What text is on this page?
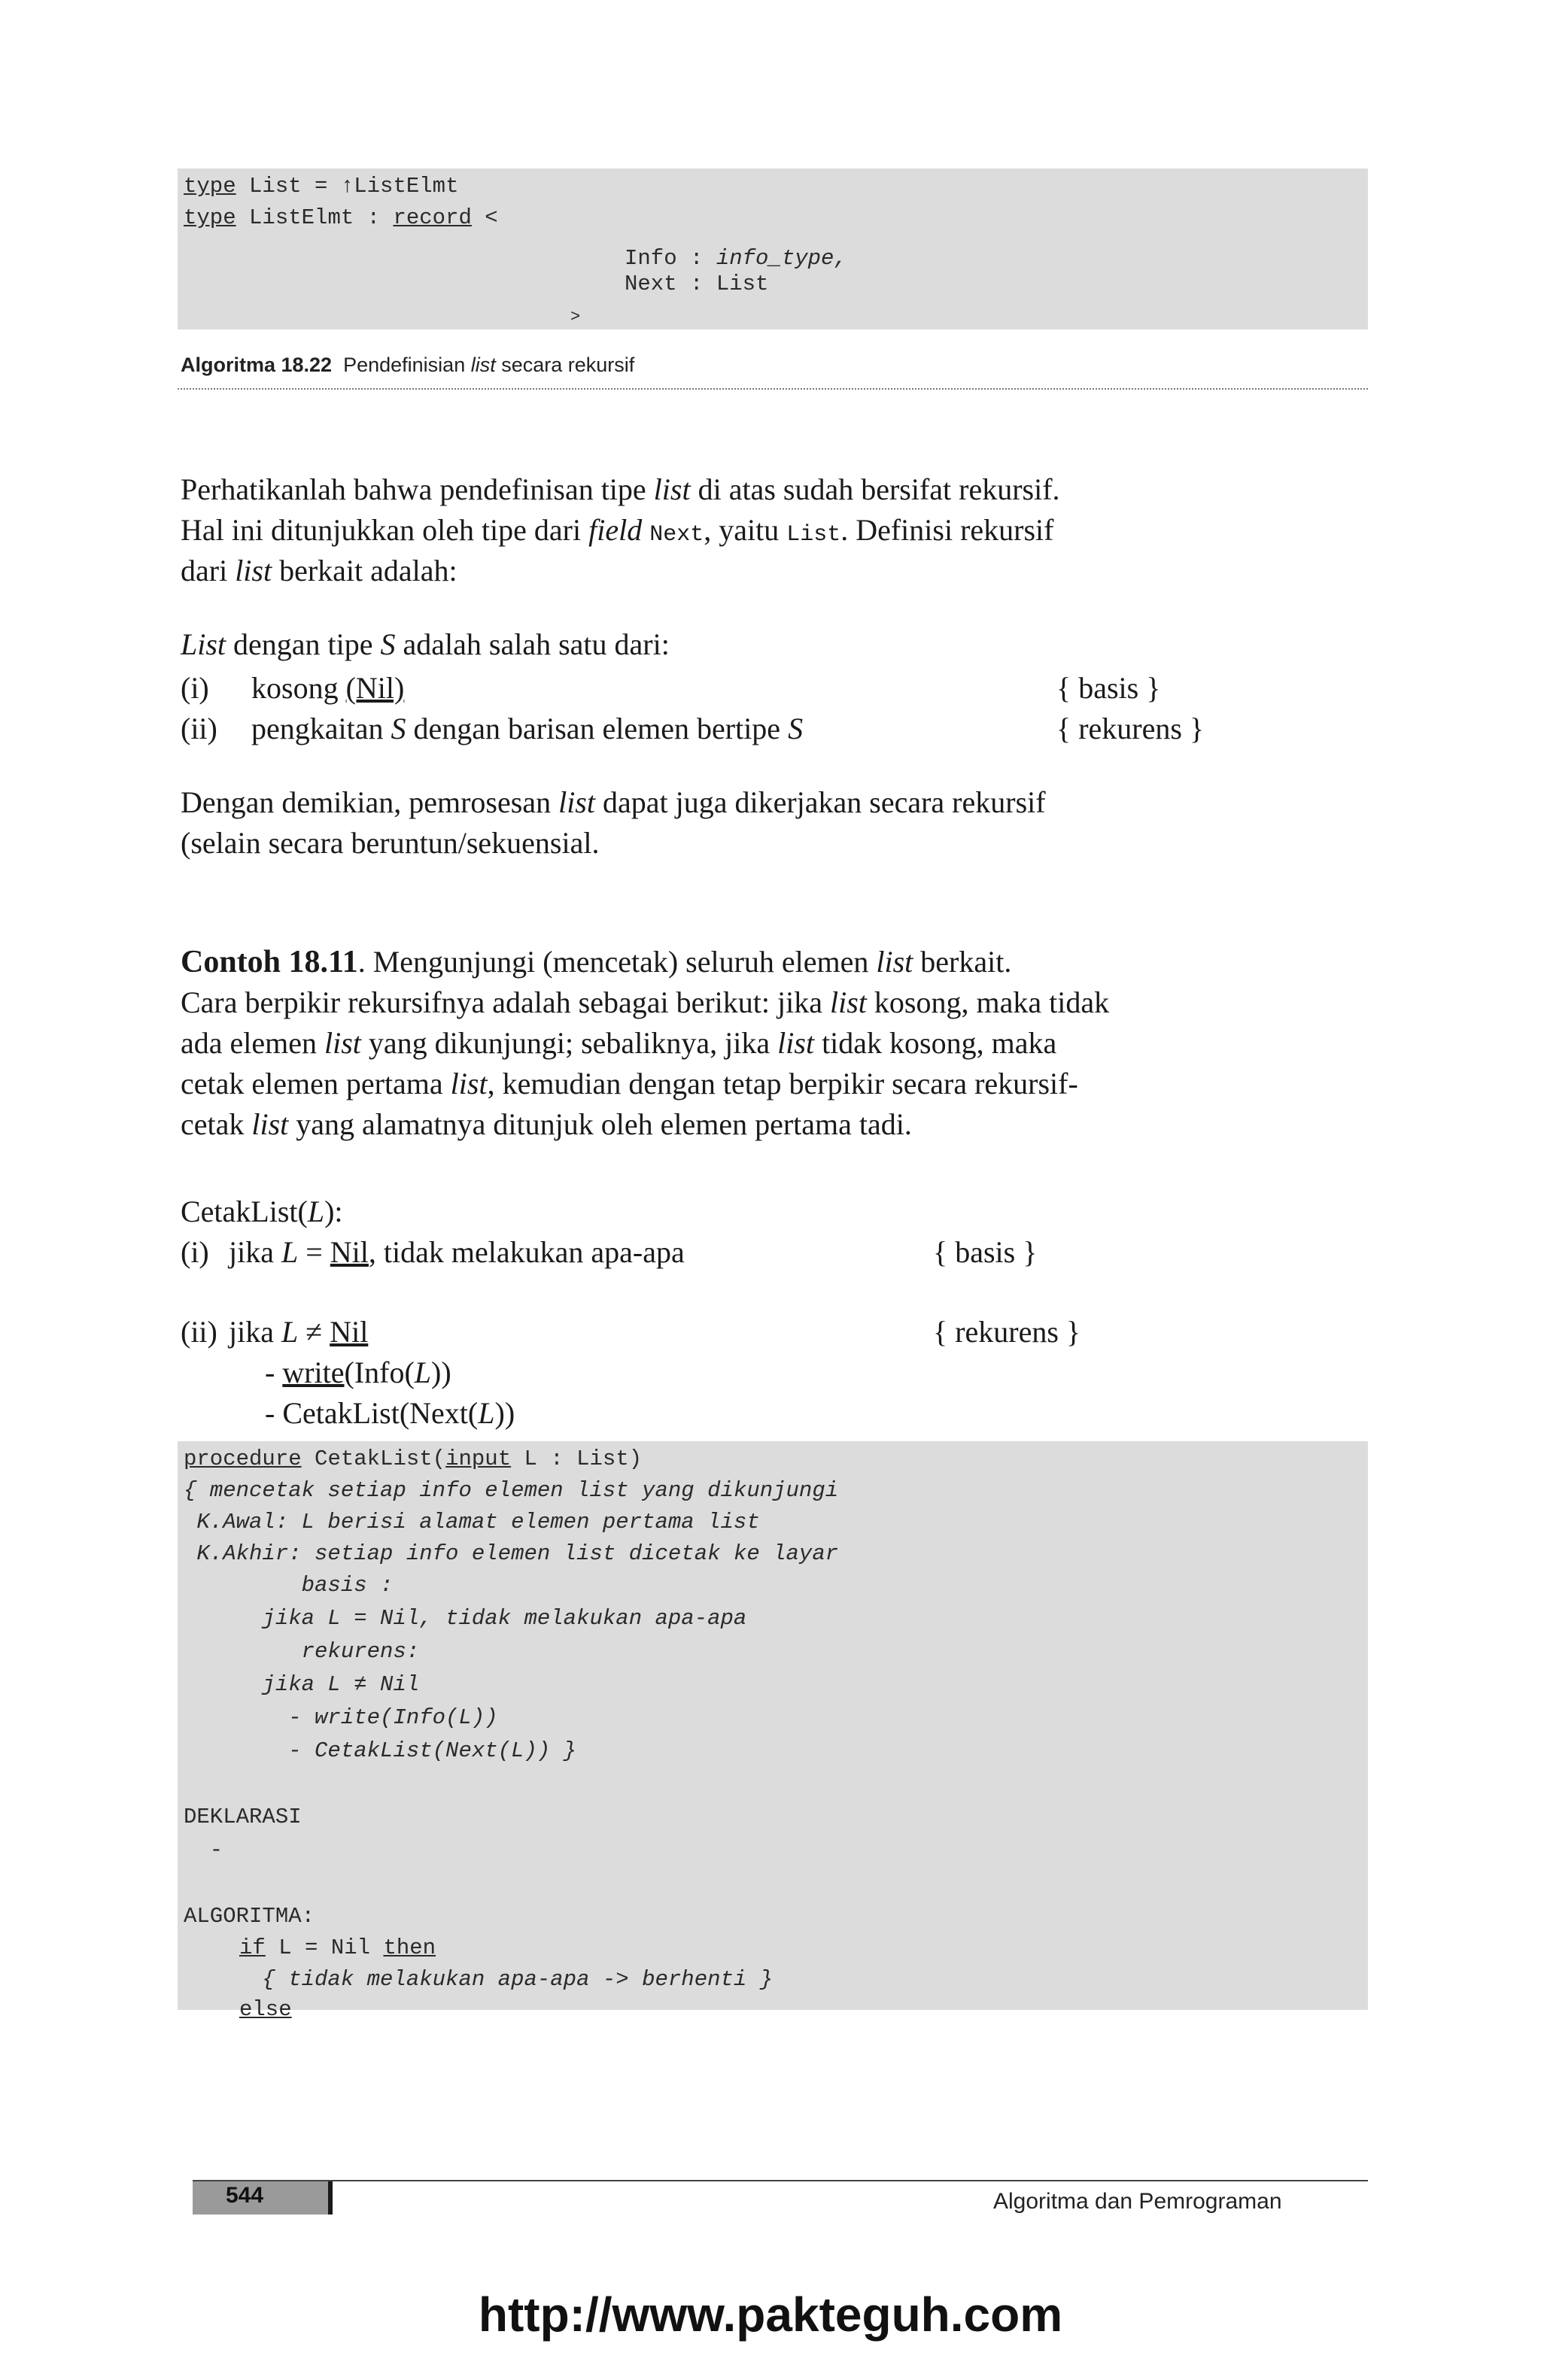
type List = ↑ListElmt
type ListElmt : record <
Info : info_type,
Next : List
>
Algoritma 18.22 Pendefinisian list secara rekursif
Perhatikanlah bahwa pendefinisan tipe list di atas sudah bersifat rekursif.
Hal ini ditunjukkan oleh tipe dari field Next, yaitu List. Definisi rekursif
dari list berkait adalah:
List dengan tipe S adalah salah satu dari:
(i) kosong (Nil)	{ basis }
(ii) pengkaitan S dengan barisan elemen bertipe S	{ rekurens }
Dengan demikian, pemrosesan list dapat juga dikerjakan secara rekursif
(selain secara beruntun/sekuensial.
Contoh 18.11. Mengunjungi (mencetak) seluruh elemen list berkait.
Cara berpikir rekursifnya adalah sebagai berikut: jika list kosong, maka tidak
ada elemen list yang dikunjungi; sebaliknya, jika list tidak kosong, maka
cetak elemen pertama list, kemudian dengan tetap berpikir secara rekursif-
cetak list yang alamatnya ditunjuk oleh elemen pertama tadi.
CetakList(L):
(i) jika L = Nil, tidak melakukan apa-apa	{ basis }
(ii) jika L ≠ Nil	{ rekurens }
- write(Info(L))
- CetakList(Next(L))
procedure CetakList(input L : List)
{ mencetak setiap info elemen list yang dikunjungi
K.Awal: L berisi alamat elemen pertama list
K.Akhir: setiap info elemen list dicetak ke layar
basis :
jika L = Nil, tidak melakukan apa-apa
rekurens:
jika L ≠ Nil
- write(Info(L))
- CetakList(Next(L)) }
DEKLARASI
-
ALGORITMA:
if L = Nil then
{ tidak melakukan apa-apa -> berhenti }
else
544	Algoritma dan Pemrograman
http://www.pakteguh.com
